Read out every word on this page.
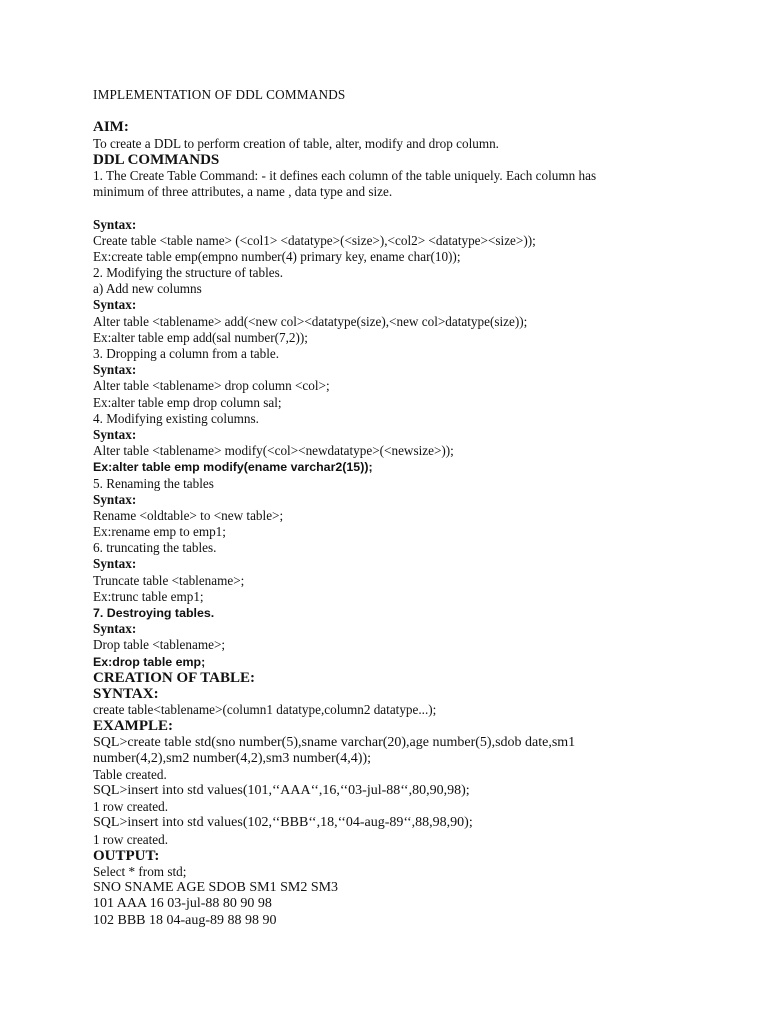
IMPLEMENTATION OF DDL COMMANDS
AIM:
To create a DDL to perform creation of table, alter, modify and drop column.
DDL COMMANDS
1. The Create Table Command: - it defines each column of the table uniquely. Each column has
minimum of three attributes, a name , data type and size.
Syntax:
Create table <table name> (<col1> <datatype>(<size>),<col2> <datatype><size>));
Ex:create table emp(empno number(4) primary key, ename char(10));
2. Modifying the structure of tables.
a) Add new columns
Syntax:
Alter table <tablename> add(<new col><datatype(size),<new col>datatype(size));
Ex:alter table emp add(sal number(7,2));
3. Dropping a column from a table.
Syntax:
Alter table <tablename> drop column <col>;
Ex:alter table emp drop column sal;
4. Modifying existing columns.
Syntax:
Alter table <tablename> modify(<col><newdatatype>(<newsize>));
Ex:alter table emp modify(ename varchar2(15));
5. Renaming the tables
Syntax:
Rename <oldtable> to <new table>;
Ex:rename emp to emp1;
6. truncating the tables.
Syntax:
Truncate table <tablename>;
Ex:trunc table emp1;
7. Destroying tables.
Syntax:
Drop table <tablename>;
Ex:drop table emp;
CREATION OF TABLE:
SYNTAX:
create table<tablename>(column1 datatype,column2 datatype...);
EXAMPLE:
SQL>create table std(sno number(5),sname varchar(20),age number(5),sdob date,sm1
number(4,2),sm2 number(4,2),sm3 number(4,4));
Table created.
SQL>insert into std values(101,‘‘AAA‘‘,16,‘‘03-jul-88‘‘,80,90,98);
1 row created.
SQL>insert into std values(102,‘‘BBB‘‘,18,‘‘04-aug-89‘‘,88,98,90);
1 row created.
OUTPUT:
Select * from std;
SNO SNAME AGE SDOB SM1 SM2 SM3
101 AAA 16 03-jul-88 80 90 98
102 BBB 18 04-aug-89 88 98 90
